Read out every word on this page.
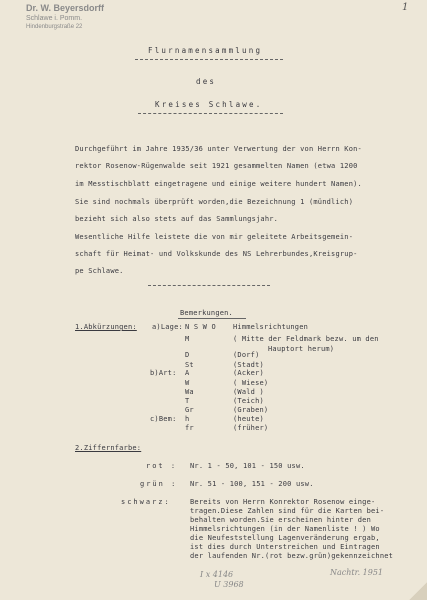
Dr. W. Beyersdorff
Schlawe i. Pomm.
Hindenburgstraße 22
1
Flurnamensammlung
des
Kreises Schlawe.
Durchgeführt im Jahre 1935/36 unter Verwertung der von Herrn Kon-
rektor Rosenow-Rügenwalde seit 1921 gesammelten Namen (etwa 1200
im Messtischblatt eingetragene und einige weitere hundert Namen).
Sie sind nochmals überprüft worden,die Bezeichnung 1 (mündlich)
bezieht sich also stets auf das Sammlungsjahr.
Wesentliche Hilfe leistete die von mir geleitete Arbeitsgemein-
schaft für Heimat- und Volkskunde des NS Lehrerbundes,Kreisgrup-
pe Schlawe.
Bemerkungen.
1.Abkürzungen: a)Lage: N S W O Himmelsrichtungen
M	( Mitte der Feldmark bezw. um den
Hauptort herum)
D	(Dorf)
St	(Stadt)
b)Art: A	(Acker)
W	( Wiese)
Wa	(Wald )
T	(Teich)
Gr	(Graben)
c)Bem: h	(heute)
fr	(früher)
2.Ziffernfarbe:
rot : Nr. 1 - 50, 101 - 150 usw.
grün : Nr. 51 - 100, 151 - 200 usw.
schwarz:	Bereits von Herrn Konrektor Rosenow einge-
tragen.Diese Zahlen sind für die Karten bei-
behalten worden.Sie erscheinen hinter den
Himmelsrichtungen (in der Namenliste ! ) Wo
die Neufeststellung Lagenveränderung ergab,
ist dies durch Unterstreichen und Eintragen
der laufenden Nr.(rot bezw.grün)gekennzeichnet
I x 4146
U 3968
Nachtr. 1951
